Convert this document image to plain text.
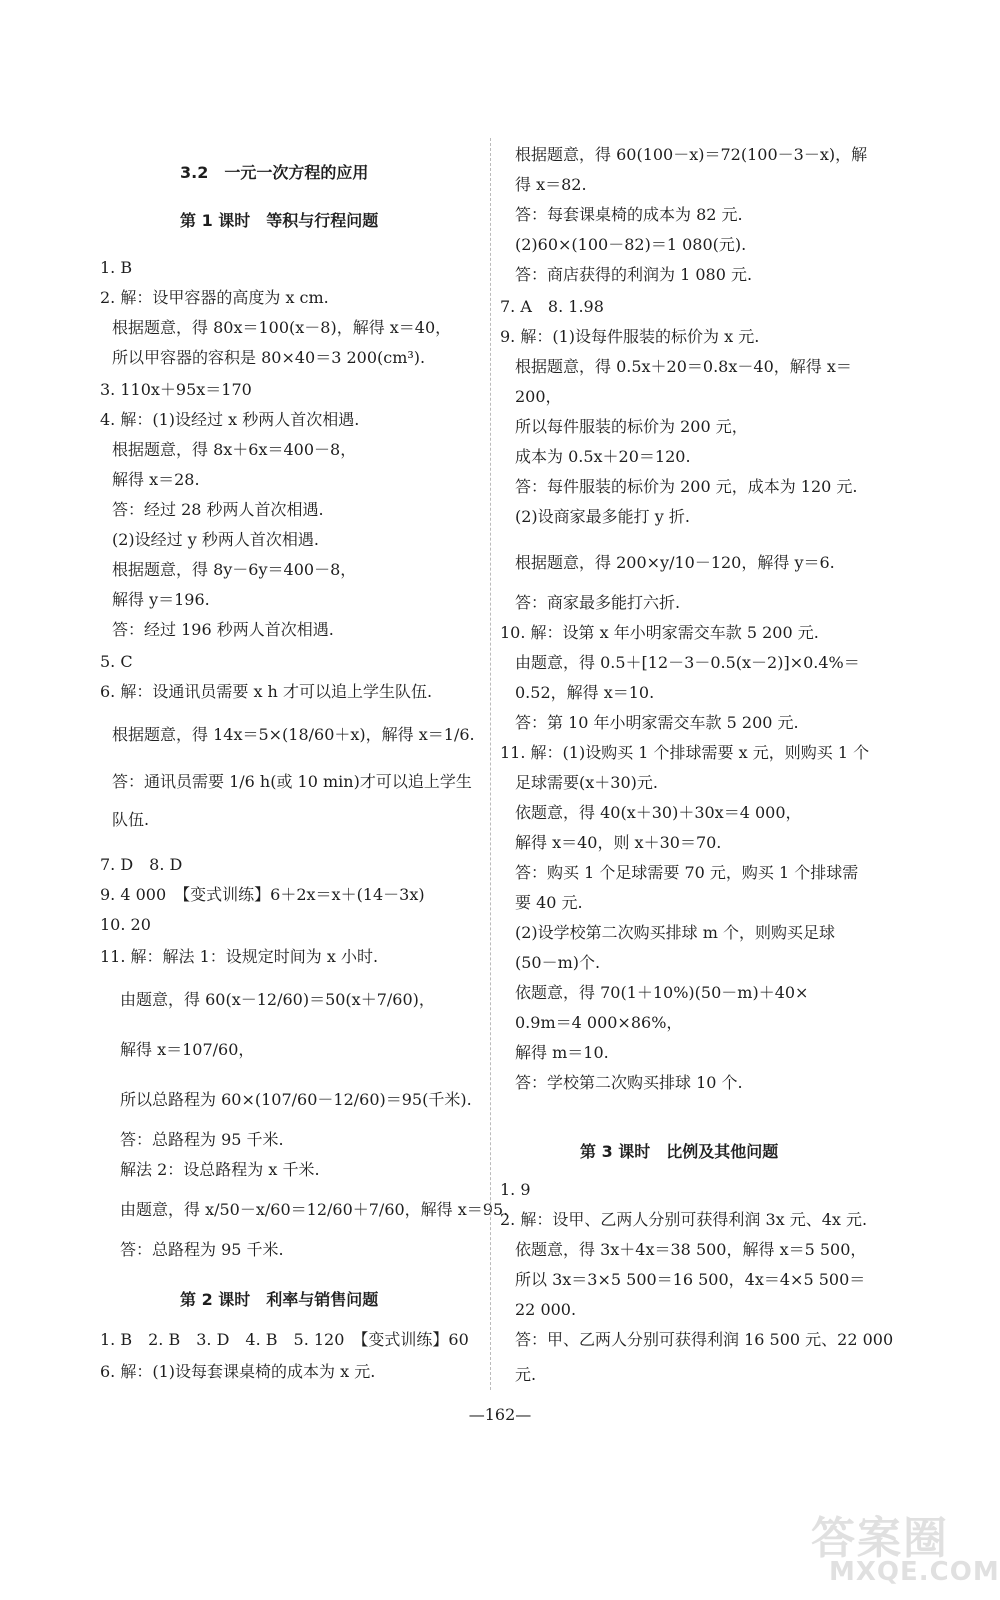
3.2　一元一次方程的应用
第 1 课时　等积与行程问题
1. B
2. 解：设甲容器的高度为 x cm.
根据题意，得 80x＝100(x－8)，解得 x＝40，
所以甲容器的容积是 80×40＝3 200(cm³).
3. 110x＋95x＝170
4. 解：(1)设经过 x 秒两人首次相遇.
根据题意，得 8x＋6x＝400－8，
解得 x＝28.
答：经过 28 秒两人首次相遇.
(2)设经过 y 秒两人首次相遇.
根据题意，得 8y－6y＝400－8，
解得 y＝196.
答：经过 196 秒两人首次相遇.
5. C
6. 解：设通讯员需要 x h 才可以追上学生队伍.
根据题意，得 14x＝5×(18/60＋x)，解得 x＝1/6.
答：通讯员需要 1/6 h(或 10 min)才可以追上学生
队伍.
7. D　8. D
9. 4 000　【变式训练】6＋2x＝x＋(14－3x)
10. 20
11. 解：解法 1：设规定时间为 x 小时.
由题意，得 60(x－12/60)＝50(x＋7/60)，
解得 x＝107/60，
所以总路程为 60×(107/60－12/60)＝95(千米).
答：总路程为 95 千米.
解法 2：设总路程为 x 千米.
由题意，得 x/50－x/60＝12/60＋7/60，解得 x＝95.
答：总路程为 95 千米.
第 2 课时　利率与销售问题
1. B　2. B　3. D　4. B　5. 120　【变式训练】60
6. 解：(1)设每套课桌椅的成本为 x 元.
根据题意，得 60(100－x)＝72(100－3－x)，解
得 x＝82.
答：每套课桌椅的成本为 82 元.
(2)60×(100－82)＝1 080(元).
答：商店获得的利润为 1 080 元.
7. A　8. 1.98
9. 解：(1)设每件服装的标价为 x 元.
根据题意，得 0.5x＋20＝0.8x－40，解得 x＝
200，
所以每件服装的标价为 200 元，
成本为 0.5x＋20＝120.
答：每件服装的标价为 200 元，成本为 120 元.
(2)设商家最多能打 y 折.
根据题意，得 200×y/10－120，解得 y＝6.
答：商家最多能打六折.
10. 解：设第 x 年小明家需交车款 5 200 元.
由题意，得 0.5＋[12－3－0.5(x－2)]×0.4%＝
0.52，解得 x＝10.
答：第 10 年小明家需交车款 5 200 元.
11. 解：(1)设购买 1 个排球需要 x 元，则购买 1 个
足球需要(x＋30)元.
依题意，得 40(x＋30)＋30x＝4 000，
解得 x＝40，则 x＋30＝70.
答：购买 1 个足球需要 70 元，购买 1 个排球需
要 40 元.
(2)设学校第二次购买排球 m 个，则购买足球
(50－m)个.
依题意，得 70(1＋10%)(50－m)＋40×
0.9m＝4 000×86%，
解得 m＝10.
答：学校第二次购买排球 10 个.
第 3 课时　比例及其他问题
1. 9
2. 解：设甲、乙两人分别可获得利润 3x 元、4x 元.
依题意，得 3x＋4x＝38 500，解得 x＝5 500，
所以 3x＝3×5 500＝16 500，4x＝4×5 500＝
22 000.
答：甲、乙两人分别可获得利润 16 500 元、22 000
元.
—162—
答案圈
MXQE.COM
